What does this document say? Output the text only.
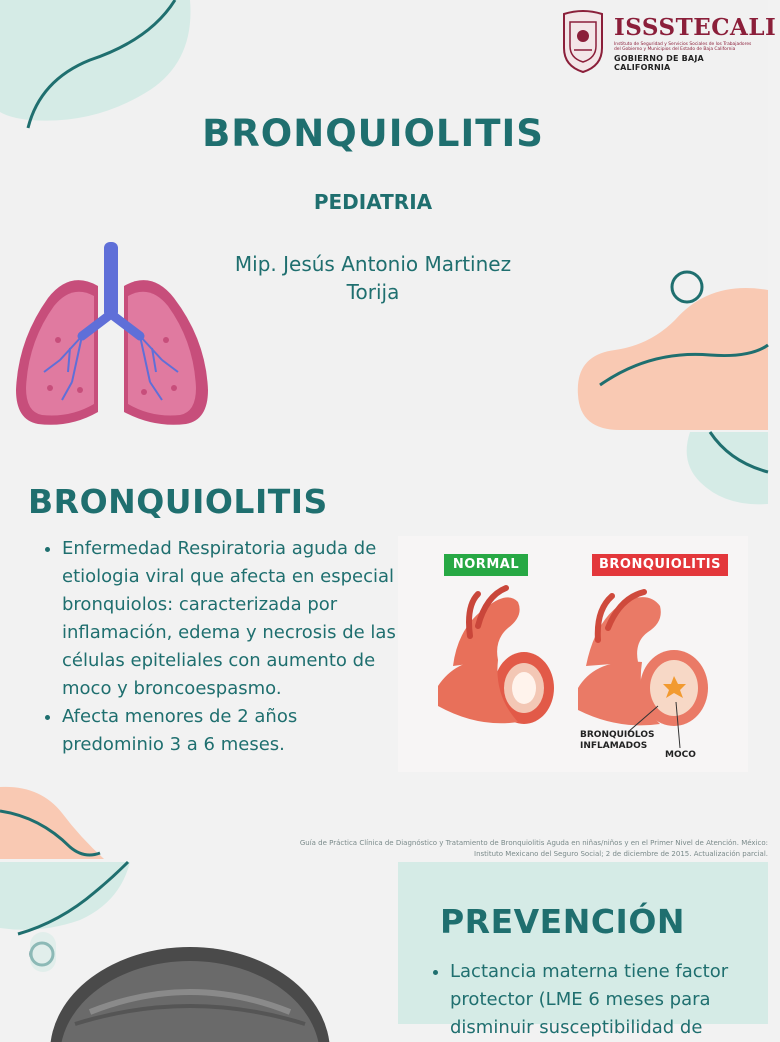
ISSSTECALI
Instituto de Seguridad y Servicios Sociales de los Trabajadores del Gobierno y Municipios del Estado de Baja California
GOBIERNO DE BAJA CALIFORNIA
BRONQUIOLITIS
PEDIATRIA
Mip. Jesús Antonio Martinez
Torija
BRONQUIOLITIS
• Enfermedad Respiratoria aguda de etiologia viral que afecta en especial bronquiolos: caracterizada por inflamación, edema y necrosis de las células epiteliales con aumento de moco y broncoespasmo.
• Afecta menores de 2 años predominio 3 a 6 meses.
NORMAL	BRONQUIOLITIS
BRONQUIOLOS
INFLAMADOS
MOCO
Guía de Práctica Clínica de Diagnóstico y Tratamiento de Bronquiolitis Aguda en niñas/niños y en el Primer Nivel de Atención. México:
Instituto Mexicano del Seguro Social; 2 de diciembre de 2015. Actualización parcial.
PREVENCIÓN
• Lactancia materna tiene factor protector (LME 6 meses para disminuir susceptibilidad de
